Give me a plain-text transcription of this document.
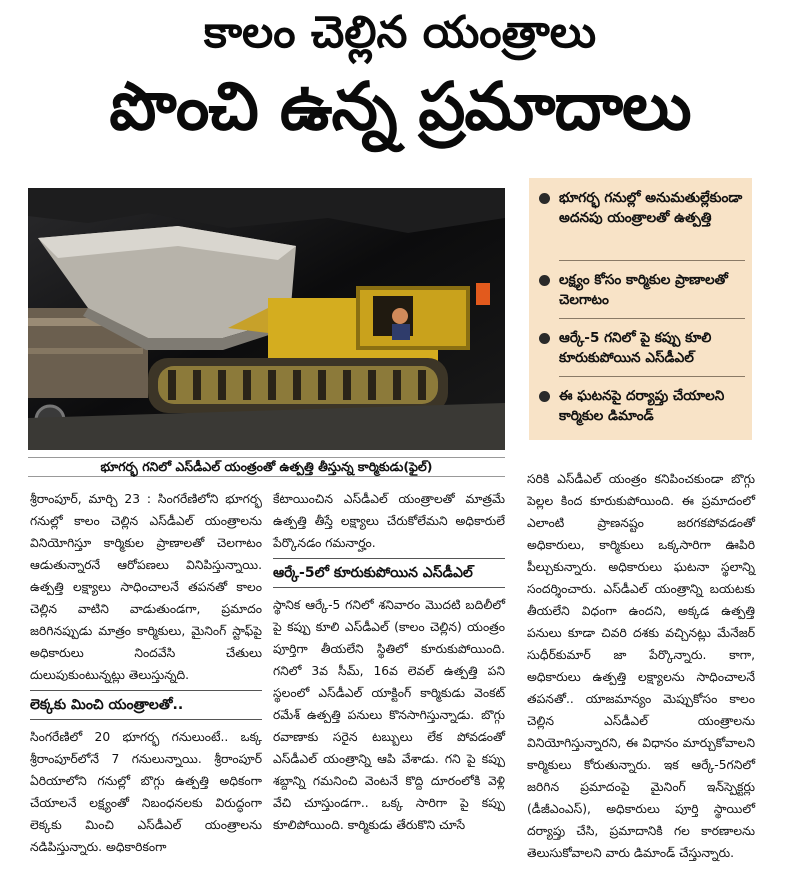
కాలం చెల్లిన యంత్రాలు
పొంచి ఉన్న ప్రమాదాలు
భూగర్భ గనిలో ఎస్‌డీఎల్‌ యంత్రంతో ఉత్పత్తి తీస్తున్న కార్మికుడు(ఫైల్‌)
భూగర్భ గనుల్లో అనుమతుల్లేకుండా అదనపు యంత్రాలతో ఉత్పత్తి
లక్ష్యం కోసం కార్మికుల ప్రాణాలతో చెలగాటం
ఆర్కే-5 గనిలో పై కప్పు కూలి కూరుకుపోయిన ఎస్‌డీఎల్‌
ఈ ఘటనపై దర్యాప్తు చేయాలని కార్మికుల డిమాండ్‌

శ్రీరాంపూర్‌, మార్చి 23 : సింగరేణిలోని భూగర్భ గనుల్లో కాలం చెల్లిన ఎస్‌డీఎల్‌ యంత్రాలను వినియోగిస్తూ కార్మికుల ప్రాణాలతో చెలగాటం ఆడుతున్నారనే ఆరోపణలు వినిపిస్తున్నాయి. ఉత్పత్తి లక్ష్యాలు సాధించాలనే తపనతో కాలం చెల్లిన వాటిని వాడుతుండగా, ప్రమాదం జరిగినప్పుడు మాత్రం కార్మికులు, మైనింగ్‌ స్టాఫ్‌పై అధికారులు నిందవేసి చేతులు దులుపుకుంటున్నట్లు తెలుస్తున్నది.

లెక్కకు మించి యంత్రాలతో..

సింగరేణిలో 20 భూగర్భ గనులుంటే.. ఒక్క శ్రీరాంపూర్‌లోనే 7 గనులున్నాయి. శ్రీరాంపూర్‌ ఏరియాలోని గనుల్లో బొగ్గు ఉత్పత్తి అధికంగా చేయాలనే లక్ష్యంతో నిబంధనలకు విరుద్ధంగా లెక్కకు మించి ఎస్‌డీఎల్‌ యంత్రాలను నడిపిస్తున్నారు. అధికారికంగా

కేటాయించిన ఎస్‌డీఎల్‌ యంత్రాలతో మాత్రమే ఉత్పత్తి తీస్తే లక్ష్యాలు చేరుకోలేమని అధికారులే పేర్కొనడం గమనార్హం.

ఆర్కే-5లో కూరుకుపోయిన ఎస్‌డీఎల్‌

స్థానిక ఆర్కే-5 గనిలో శనివారం మొదటి బదిలీలో పై కప్పు కూలి ఎస్‌డీఎల్‌ (కాలం చెల్లిన) యంత్రం పూర్తిగా తీయలేని స్థితిలో కూరుకుపోయింది. గనిలో 3వ సీమ్‌, 16వ లెవల్‌ ఉత్పత్తి పని స్థలంలో ఎస్‌డీఎల్‌ యాక్టింగ్‌ కార్మికుడు వెంకట్‌ రమేశ్‌ ఉత్పత్తి పనులు కొనసాగిస్తున్నాడు. బొగ్గు రవాణాకు సరైన టబ్బులు లేక పోవడంతో ఎస్‌డీఎల్‌ యంత్రాన్ని ఆపి వేశాడు. గని పై కప్పు శబ్దాన్ని గమనించి వెంటనే కొద్ది దూరంలోకి వెళ్లి వేచి చూస్తుండగా.. ఒక్క సారిగా పై కప్పు కూలిపోయింది. కార్మికుడు తేరుకొని చూసే

సరికి ఎస్‌డీఎల్‌ యంత్రం కనిపించకుండా బొగ్గు పెల్లల కింద కూరుకుపోయింది. ఈ ప్రమాదంలో ఎలాంటి ప్రాణనష్టం జరగకపోవడంతో అధికారులు, కార్మికులు ఒక్కసారిగా ఊపిరి పీల్చుకున్నారు. అధికారులు ఘటనా స్థలాన్ని సందర్శించారు. ఎస్‌డీఎల్‌ యంత్రాన్ని బయటకు తీయలేని విధంగా ఉందని, అక్కడ ఉత్పత్తి పనులు కూడా చివరి దశకు వచ్చినట్లు మేనేజర్‌ సుధీర్‌కుమార్‌ జా పేర్కొన్నారు. కాగా, అధికారులు ఉత్పత్తి లక్ష్యాలను సాధించాలనే తపనతో.. యాజమాన్యం మెప్పుకోసం కాలం చెల్లిన ఎస్‌డీఎల్‌ యంత్రాలను వినియోగిస్తున్నారని, ఈ విధానం మార్చుకోవాలని కార్మికులు కోరుతున్నారు. ఇక ఆర్కే-5గనిలో జరిగిన ప్రమాదంపై మైనింగ్‌ ఇన్‌స్పెక్టర్లు (డీజీఎంఎస్‌), అధికారులు పూర్తి స్థాయిలో దర్యాప్తు చేసి, ప్రమాదానికి గల కారణాలను తెలుసుకోవాలని వారు డిమాండ్‌ చేస్తున్నారు.
